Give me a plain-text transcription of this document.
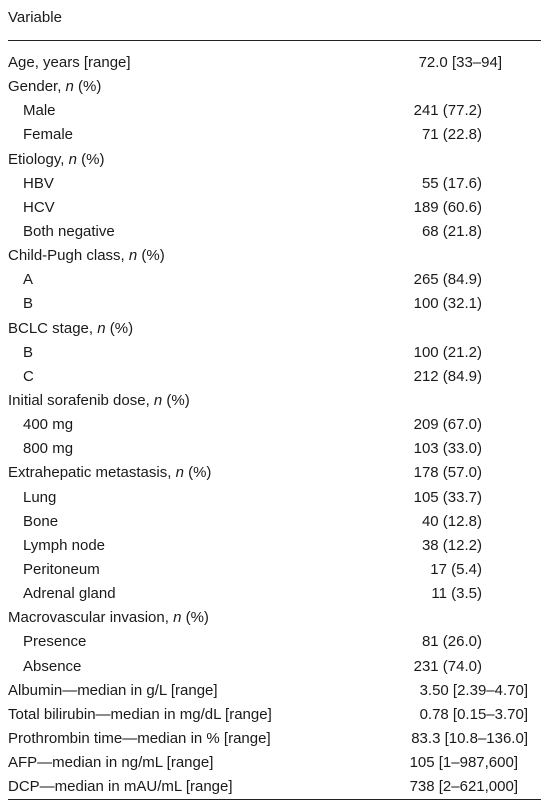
Variable
Age, years [range]	72.0 [33–94]
Gender, n (%)
Male	241 (77.2)
Female	71 (22.8)
Etiology, n (%)
HBV	55 (17.6)
HCV	189 (60.6)
Both negative	68 (21.8)
Child-Pugh class, n (%)
A	265 (84.9)
B	100 (32.1)
BCLC stage, n (%)
B	100 (21.2)
C	212 (84.9)
Initial sorafenib dose, n (%)
400 mg	209 (67.0)
800 mg	103 (33.0)
Extrahepatic metastasis, n (%)	178 (57.0)
Lung	105 (33.7)
Bone	40 (12.8)
Lymph node	38 (12.2)
Peritoneum	17 (5.4)
Adrenal gland	11 (3.5)
Macrovascular invasion, n (%)
Presence	81 (26.0)
Absence	231 (74.0)
Albumin—median in g/L [range]	3.50 [2.39–4.70]
Total bilirubin—median in mg/dL [range]	0.78 [0.15–3.70]
Prothrombin time—median in % [range]	83.3 [10.8–136.0]
AFP—median in ng/mL [range]	105 [1–987,600]
DCP—median in mAU/mL [range]	738 [2–621,000]
